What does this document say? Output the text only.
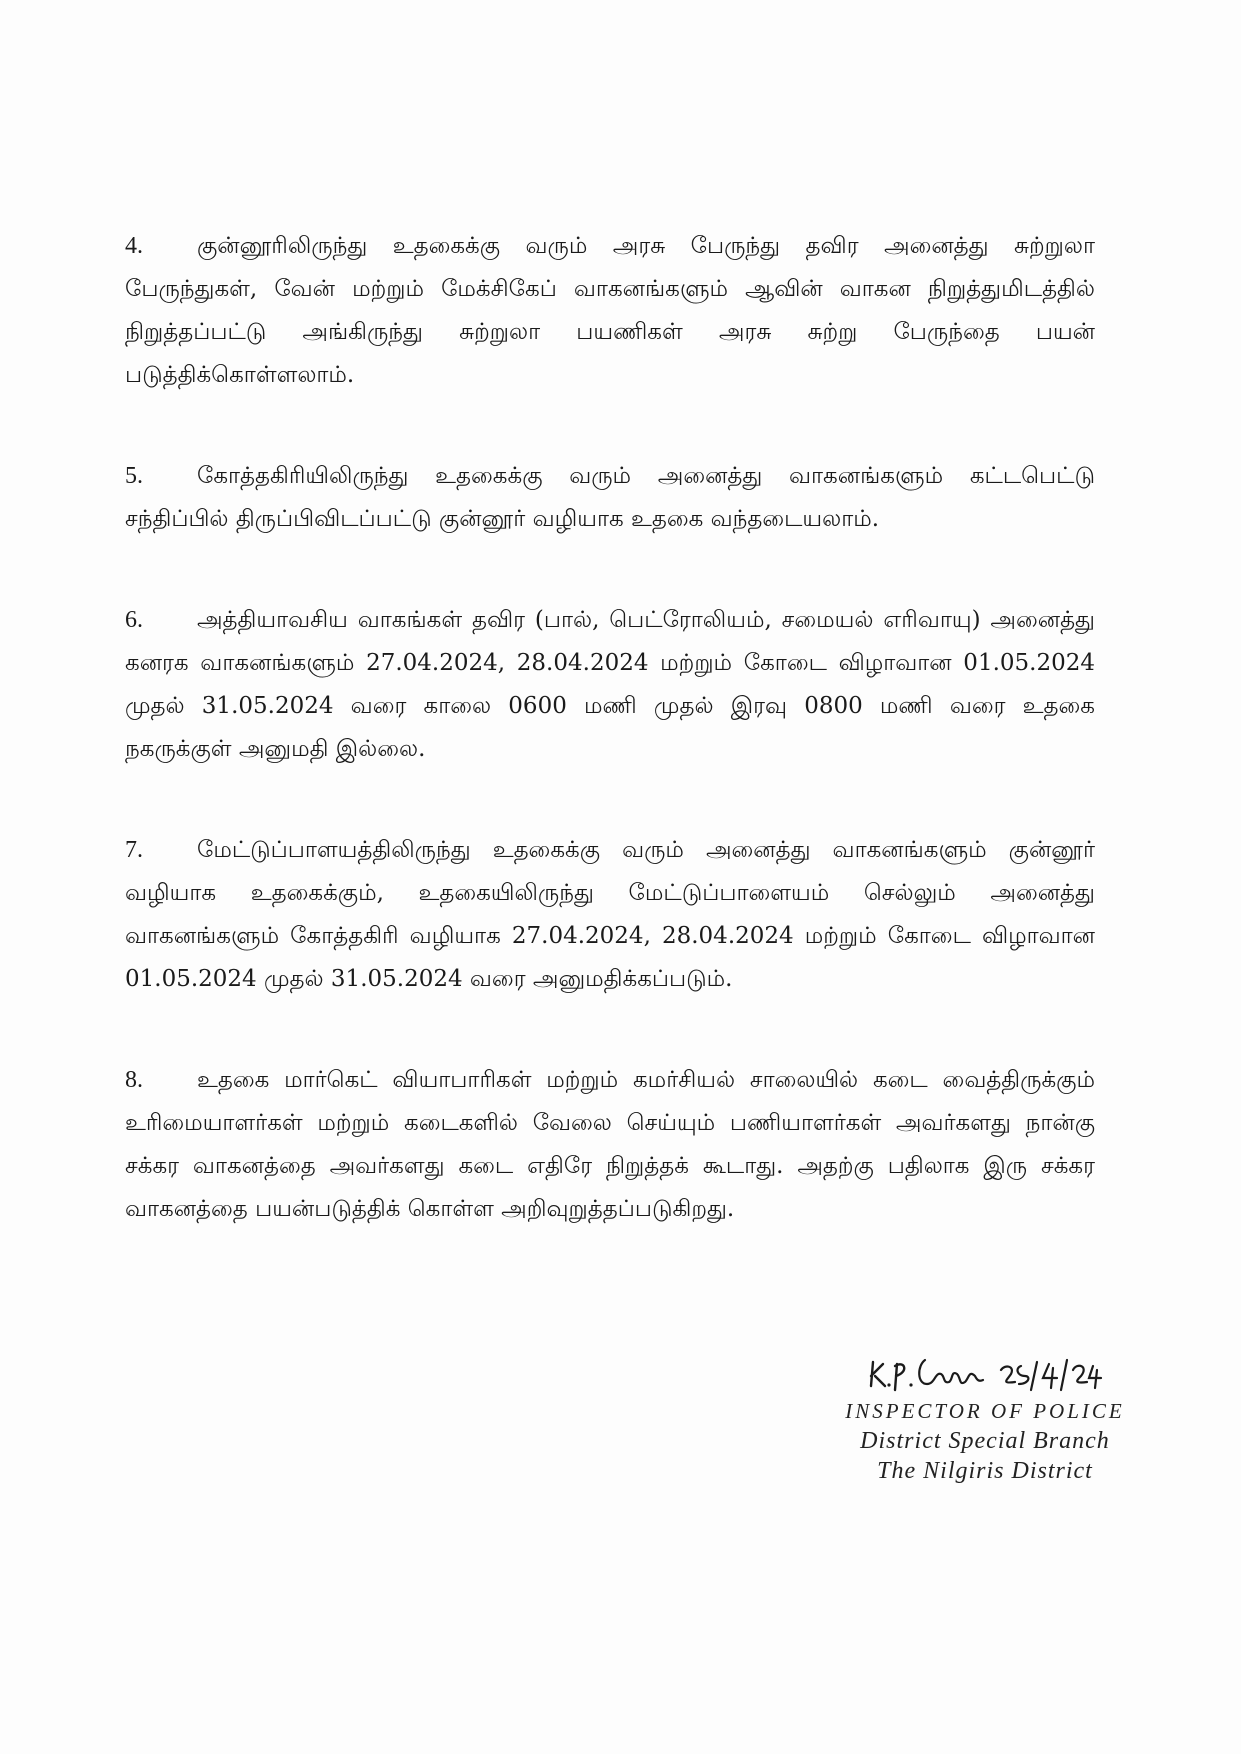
4. குன்னூரிலிருந்து உதகைக்கு வரும் அரசு பேருந்து தவிர அனைத்து சுற்றுலா பேருந்துகள், வேன் மற்றும் மேக்சிகேப் வாகனங்களும் ஆவின் வாகன நிறுத்துமிடத்தில் நிறுத்தப்பட்டு அங்கிருந்து சுற்றுலா பயணிகள் அரசு சுற்று பேருந்தை பயன் படுத்திக்கொள்ளலாம்.

5. கோத்தகிரியிலிருந்து உதகைக்கு வரும் அனைத்து வாகனங்களும் கட்டபெட்டு சந்திப்பில் திருப்பிவிடப்பட்டு குன்னூர் வழியாக உதகை வந்தடையலாம்.

6. அத்தியாவசிய வாகங்கள் தவிர (பால், பெட்ரோலியம், சமையல் எரிவாயு) அனைத்து கனரக வாகனங்களும் 27.04.2024, 28.04.2024 மற்றும் கோடை விழாவான 01.05.2024 முதல் 31.05.2024 வரை காலை 0600 மணி முதல் இரவு 0800 மணி வரை உதகை நகருக்குள் அனுமதி இல்லை.

7. மேட்டுப்பாளயத்திலிருந்து உதகைக்கு வரும் அனைத்து வாகனங்களும் குன்னூர் வழியாக உதகைக்கும், உதகையிலிருந்து மேட்டுப்பாளையம் செல்லும் அனைத்து வாகனங்களும் கோத்தகிரி வழியாக 27.04.2024, 28.04.2024 மற்றும் கோடை விழாவான 01.05.2024 முதல் 31.05.2024 வரை அனுமதிக்கப்படும்.

8. உதகை மார்கெட் வியாபாரிகள் மற்றும் கமர்சியல் சாலையில் கடை வைத்திருக்கும் உரிமையாளர்கள் மற்றும் கடைகளில் வேலை செய்யும் பணியாளர்கள் அவர்களது நான்கு சக்கர வாகனத்தை அவர்களது கடை எதிரே நிறுத்தக் கூடாது. அதற்கு பதிலாக இரு சக்கர வாகனத்தை பயன்படுத்திக் கொள்ள அறிவுறுத்தப்படுகிறது.

INSPECTOR OF POLICE
District Special Branch
The Nilgiris District
